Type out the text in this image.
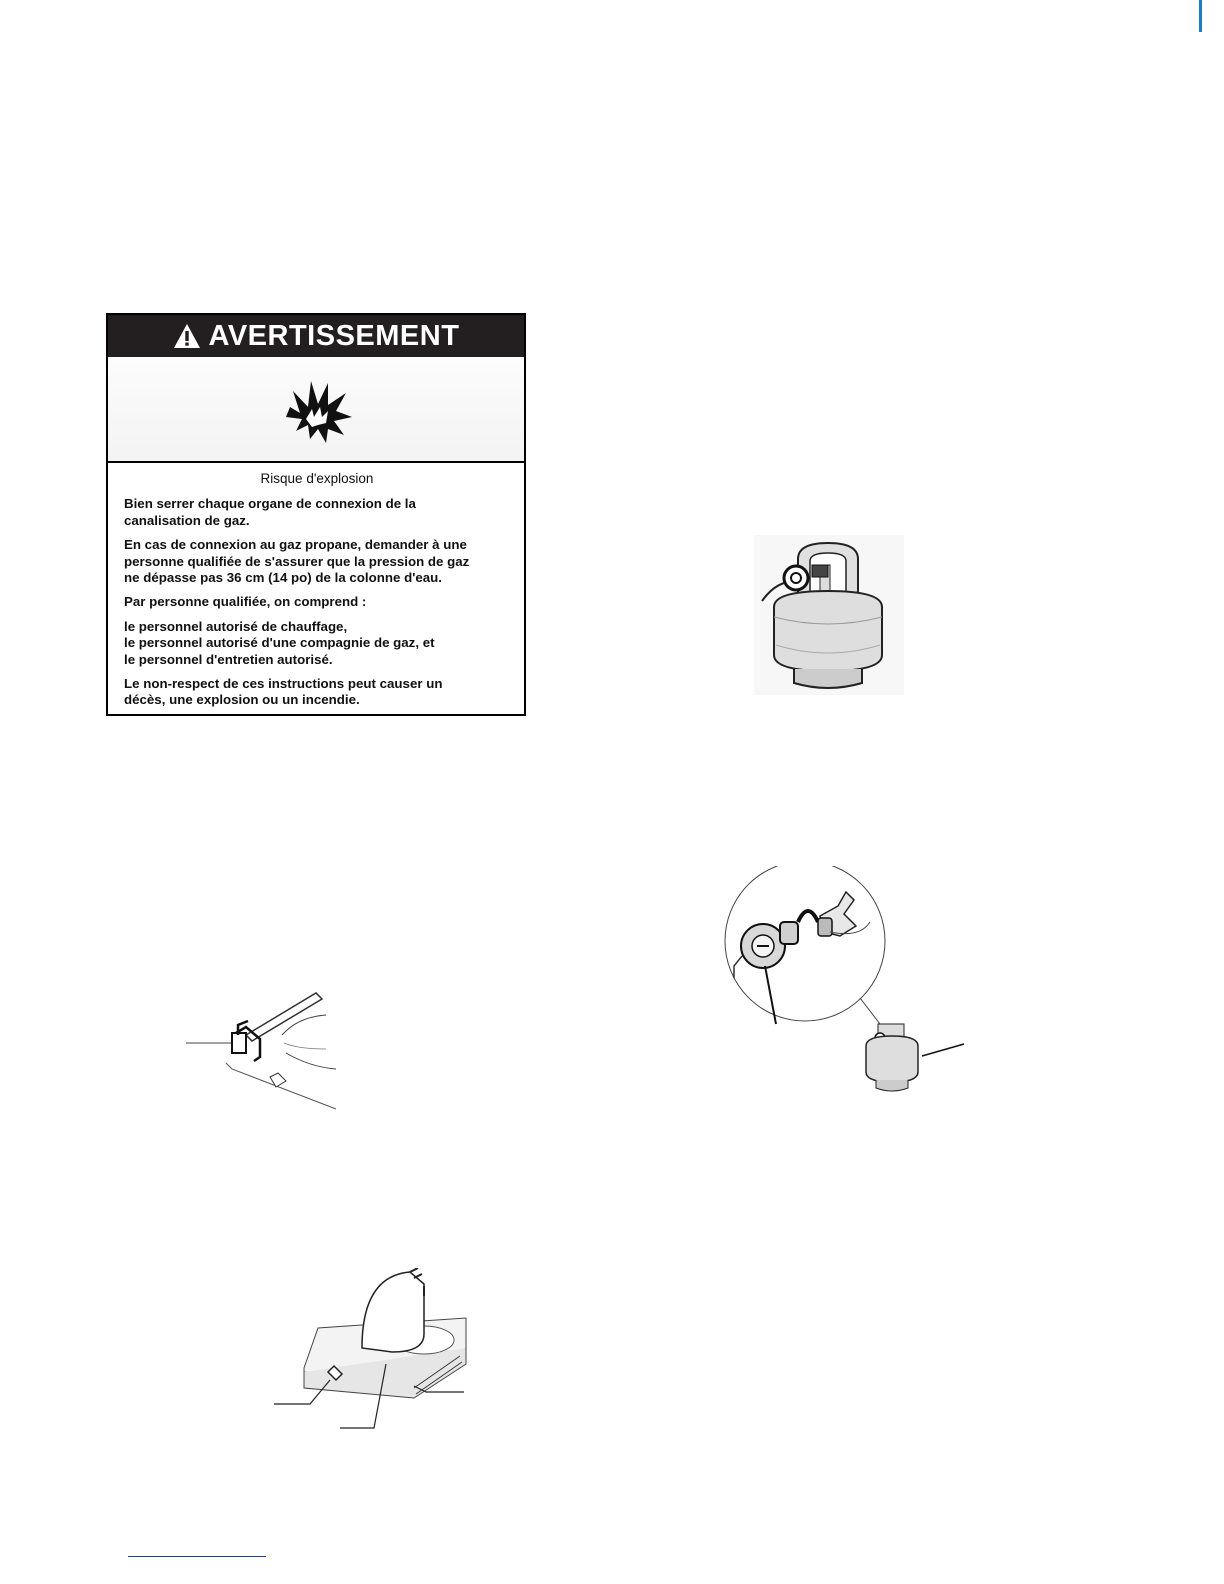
AVERTISSEMENT

Risque d'explosion

Bien serrer chaque organe de connexion de la
canalisation de gaz.

En cas de connexion au gaz propane, demander à une
personne qualifiée de s'assurer que la pression de gaz
ne dépasse pas 36 cm (14 po) de la colonne d'eau.

Par personne qualifiée, on comprend :

le personnel autorisé de chauffage,
le personnel autorisé d'une compagnie de gaz, et
le personnel d'entretien autorisé.

Le non-respect de ces instructions peut causer un
décès, une explosion ou un incendie.
